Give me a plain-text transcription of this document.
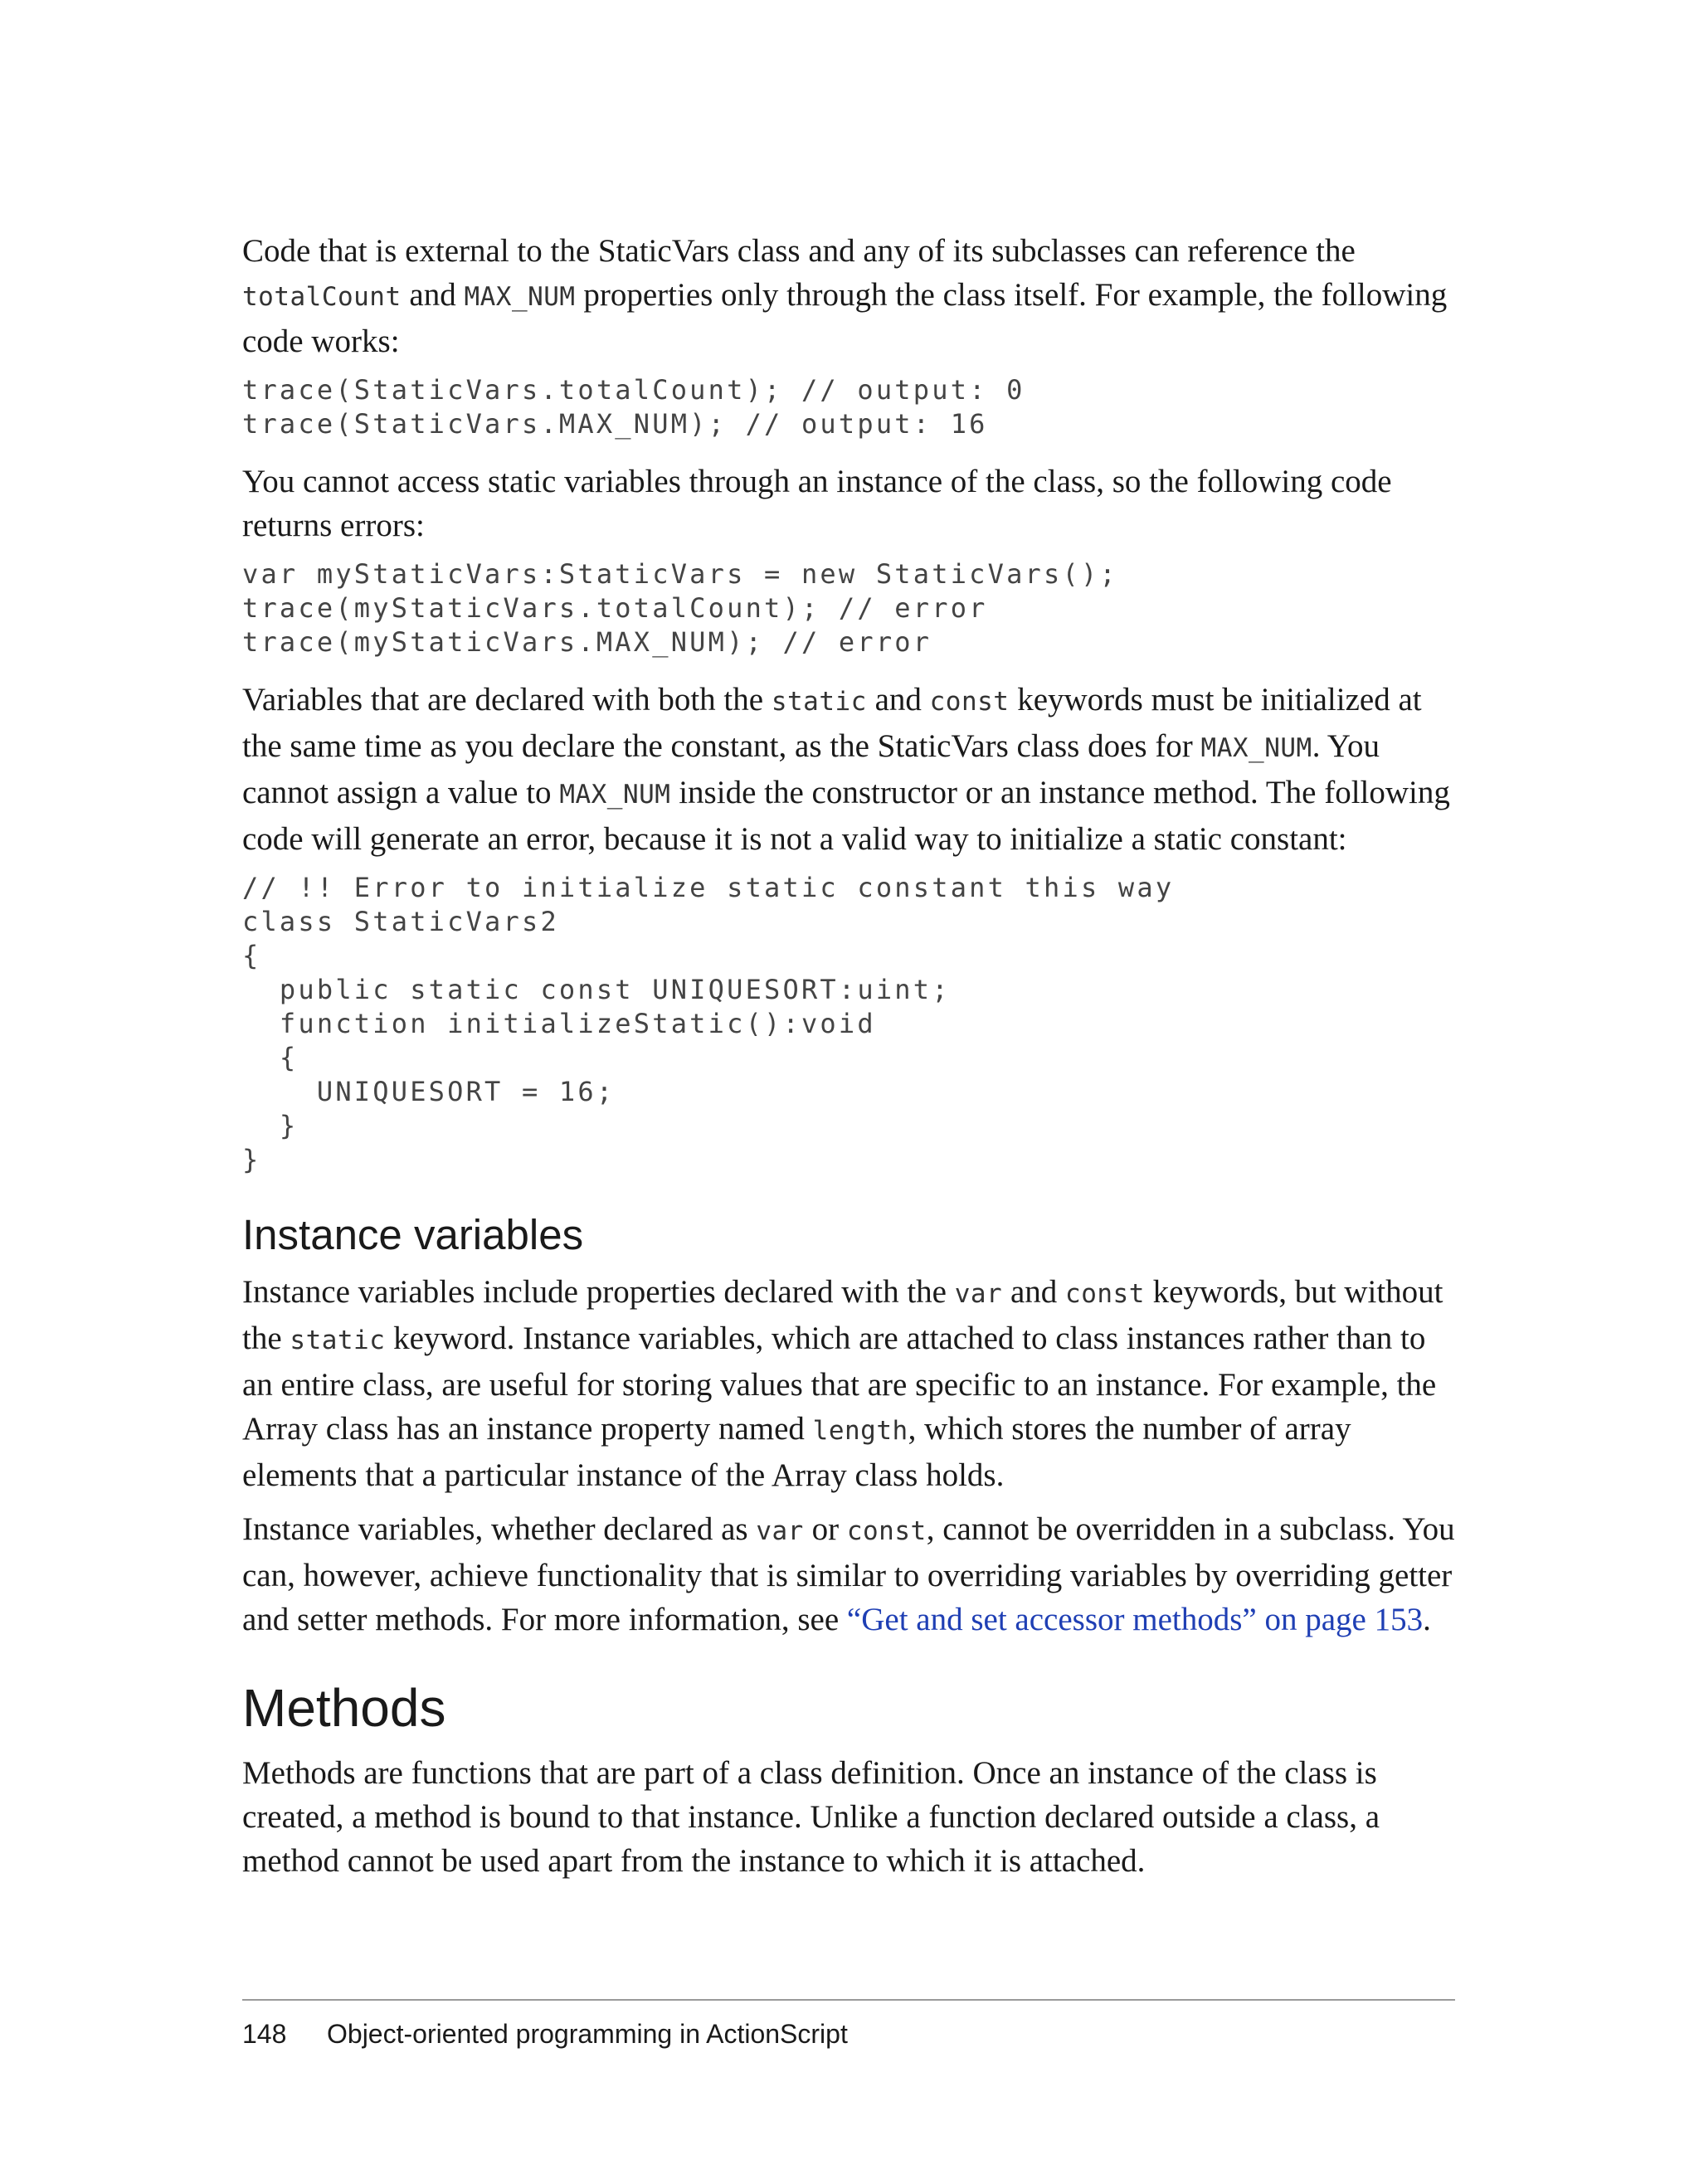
Code that is external to the StaticVars class and any of its subclasses can reference the totalCount and MAX_NUM properties only through the class itself. For example, the following code works:

trace(StaticVars.totalCount); // output: 0
trace(StaticVars.MAX_NUM); // output: 16

You cannot access static variables through an instance of the class, so the following code returns errors:

var myStaticVars:StaticVars = new StaticVars();
trace(myStaticVars.totalCount); // error
trace(myStaticVars.MAX_NUM); // error

Variables that are declared with both the static and const keywords must be initialized at the same time as you declare the constant, as the StaticVars class does for MAX_NUM. You cannot assign a value to MAX_NUM inside the constructor or an instance method. The following code will generate an error, because it is not a valid way to initialize a static constant:

// !! Error to initialize static constant this way
class StaticVars2
{
public static const UNIQUESORT:uint;
function initializeStatic():void
{
UNIQUESORT = 16;
}
}
Instance variables

Instance variables include properties declared with the var and const keywords, but without the static keyword. Instance variables, which are attached to class instances rather than to an entire class, are useful for storing values that are specific to an instance. For example, the Array class has an instance property named length, which stores the number of array elements that a particular instance of the Array class holds.

Instance variables, whether declared as var or const, cannot be overridden in a subclass. You can, however, achieve functionality that is similar to overriding variables by overriding getter and setter methods. For more information, see “Get and set accessor methods” on page 153.

Methods

Methods are functions that are part of a class definition. Once an instance of the class is created, a method is bound to that instance. Unlike a function declared outside a class, a method cannot be used apart from the instance to which it is attached.

148 Object-oriented programming in ActionScript
